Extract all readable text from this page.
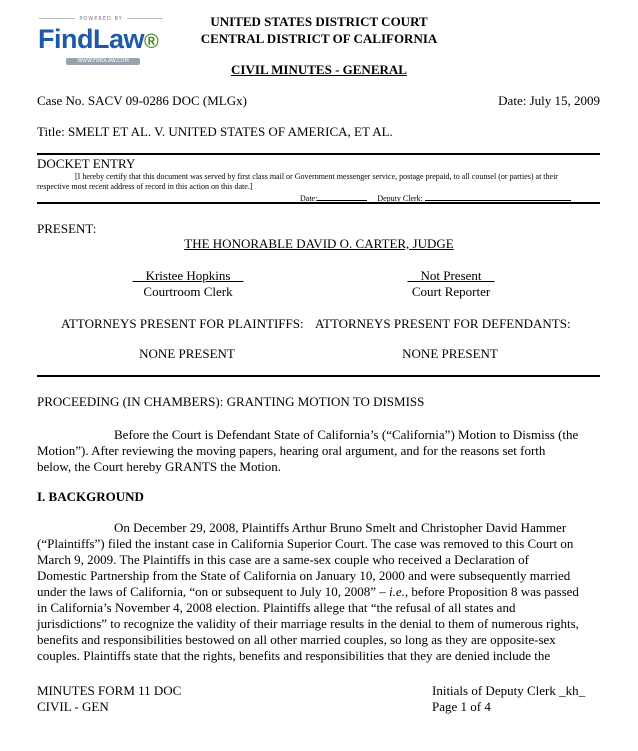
POWERED BY
FindLaw®
WWW.FINDLAW.COM
UNITED STATES DISTRICT COURT
CENTRAL DISTRICT OF CALIFORNIA
CIVIL MINUTES - GENERAL
Case No. SACV 09-0286 DOC (MLGx)	Date: July 15, 2009
Title: SMELT ET AL. V. UNITED STATES OF AMERICA, ET AL.
DOCKET ENTRY
[I hereby certify that this document was served by first class mail or Government messenger service, postage prepaid, to all counsel (or parties) at their
respective most recent address of record in this action on this date.]
Date:	Deputy Clerk:
PRESENT:
THE HONORABLE DAVID O. CARTER, JUDGE
Kristee Hopkins
Courtroom Clerk
Not Present
Court Reporter
ATTORNEYS PRESENT FOR PLAINTIFFS: ATTORNEYS PRESENT FOR DEFENDANTS:
NONE PRESENT	NONE PRESENT
PROCEEDING (IN CHAMBERS): GRANTING MOTION TO DISMISS
Before the Court is Defendant State of California’s (“California”) Motion to Dismiss (the
Motion”). After reviewing the moving papers, hearing oral argument, and for the reasons set forth
below, the Court hereby GRANTS the Motion.
I. BACKGROUND
On December 29, 2008, Plaintiffs Arthur Bruno Smelt and Christopher David Hammer
(“Plaintiffs”) filed the instant case in California Superior Court. The case was removed to this Court on
March 9, 2009. The Plaintiffs in this case are a same-sex couple who received a Declaration of
Domestic Partnership from the State of California on January 10, 2000 and were subsequently married
under the laws of California, “on or subsequent to July 10, 2008” – i.e., before Proposition 8 was passed
in California’s November 4, 2008 election. Plaintiffs allege that “the refusal of all states and
jurisdictions” to recognize the validity of their marriage results in the denial to them of numerous rights,
benefits and responsibilities bestowed on all other married couples, so long as they are opposite-sex
couples. Plaintiffs state that the rights, benefits and responsibilities that they are denied include the
MINUTES FORM 11 DOC
CIVIL - GEN
Initials of Deputy Clerk _kh_
Page 1 of 4
